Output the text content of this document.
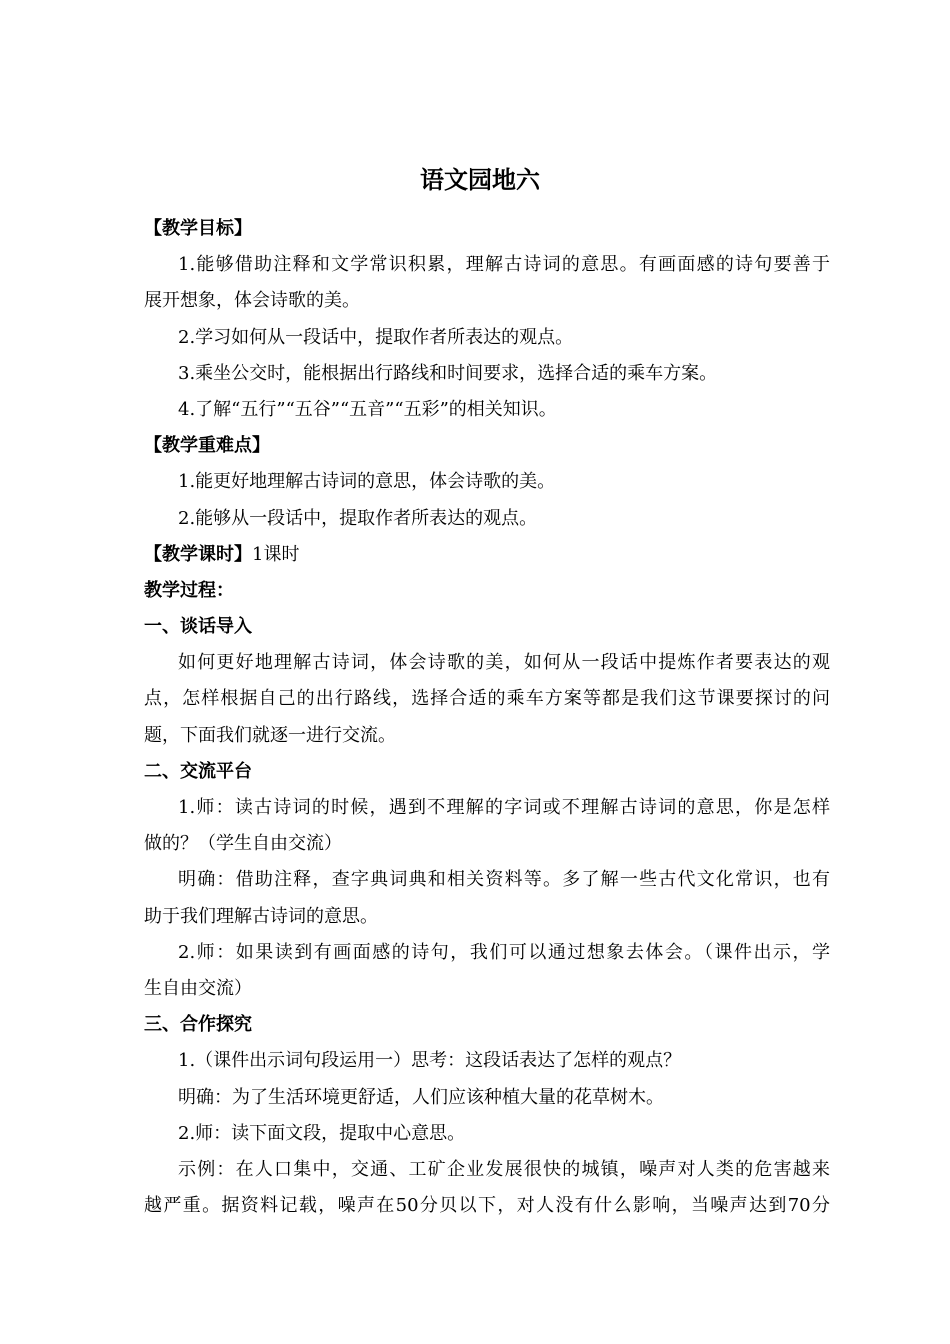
语文园地六
【教学目标】
1.能够借助注释和文学常识积累，理解古诗词的意思。有画面感的诗句要善于
展开想象，体会诗歌的美。
2.学习如何从一段话中，提取作者所表达的观点。
3.乘坐公交时，能根据出行路线和时间要求，选择合适的乘车方案。
4.了解“五行”“五谷”“五音”“五彩”的相关知识。
【教学重难点】
1.能更好地理解古诗词的意思，体会诗歌的美。
2.能够从一段话中，提取作者所表达的观点。
【教学课时】1课时
教学过程：
一、谈话导入
如何更好地理解古诗词，体会诗歌的美，如何从一段话中提炼作者要表达的观
点，怎样根据自己的出行路线，选择合适的乘车方案等都是我们这节课要探讨的问
题，下面我们就逐一进行交流。
二、交流平台
1.师：读古诗词的时候，遇到不理解的字词或不理解古诗词的意思，你是怎样
做的？（学生自由交流）
明确：借助注释，查字典词典和相关资料等。多了解一些古代文化常识，也有
助于我们理解古诗词的意思。
2.师：如果读到有画面感的诗句，我们可以通过想象去体会。（课件出示，学
生自由交流）
三、合作探究
1.（课件出示词句段运用一）思考：这段话表达了怎样的观点？
明确：为了生活环境更舒适，人们应该种植大量的花草树木。
2.师：读下面文段，提取中心意思。
示例：在人口集中，交通、工矿企业发展很快的城镇，噪声对人类的危害越来
越严重。据资料记载，噪声在50分贝以下，对人没有什么影响，当噪声达到70分
